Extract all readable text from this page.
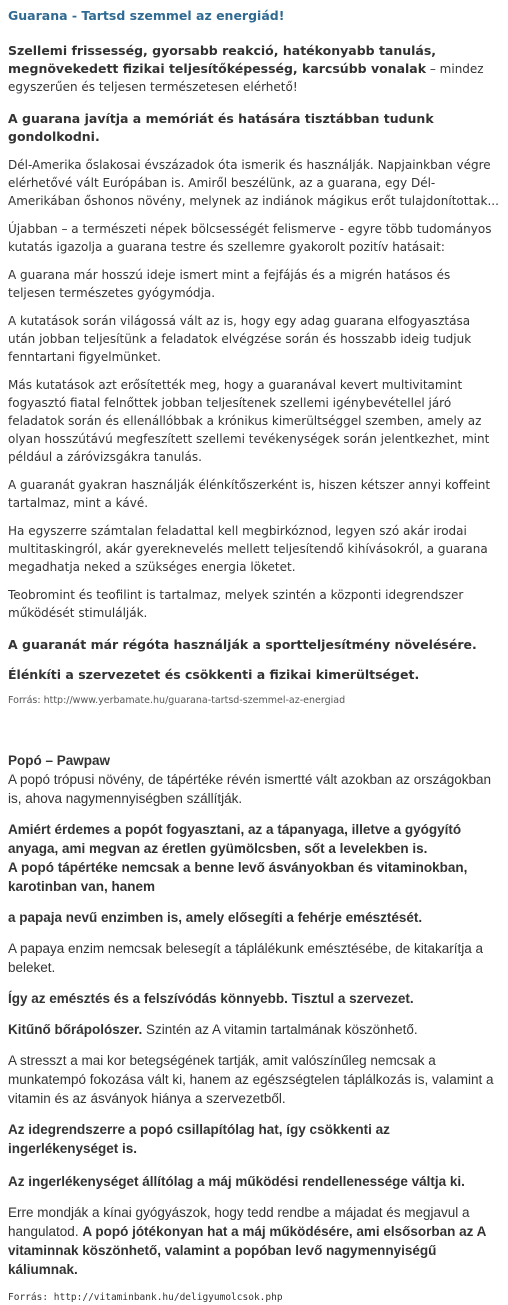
Guarana - Tartsd szemmel az energiád!

Szellemi frissesség, gyorsabb reakció, hatékonyabb tanulás, megnövekedett fizikai teljesítőképesség, karcsúbb vonalak – mindez egyszerűen és teljesen természetesen elérhető!

A guarana javítja a memóriát és hatására tisztábban tudunk gondolkodni.

Dél-Amerika őslakosai évszázadok óta ismerik és használják. Napjainkban végre elérhetővé vált Európában is. Amiről beszélünk, az a guarana, egy Dél-Amerikában őshonos növény, melynek az indiánok mágikus erőt tulajdonítottak...

Újabban – a természeti népek bölcsességét felismerve - egyre több tudományos kutatás igazolja a guarana testre és szellemre gyakorolt pozitív hatásait:

A guarana már hosszú ideje ismert mint a fejfájás és a migrén hatásos és teljesen természetes gyógymódja.

A kutatások során világossá vált az is, hogy egy adag guarana elfogyasztása után jobban teljesítünk a feladatok elvégzése során és hosszabb ideig tudjuk fenntartani figyelmünket.

Más kutatások azt erősítették meg, hogy a guaranával kevert multivitamint fogyasztó fiatal felnőttek jobban teljesítenek szellemi igénybevétellel járó feladatok során és ellenállóbbak a krónikus kimerültséggel szemben, amely az olyan hosszútávú megfeszített szellemi tevékenységek során jelentkezhet, mint például a záróvizsgákra tanulás.

A guaranát gyakran használják élénkítőszerként is, hiszen kétszer annyi koffeint tartalmaz, mint a kávé.

Ha egyszerre számtalan feladattal kell megbirkóznod, legyen szó akár irodai multitaskingról, akár gyereknevelés mellett teljesítendő kihívásokról, a guarana megadhatja neked a szükséges energia löketet.

Teobromint és teofilint is tartalmaz, melyek szintén a központi idegrendszer működését stimulálják.

A guaranát már régóta használják a sportteljesítmény növelésére.

Élénkíti a szervezetet és csökkenti a fizikai kimerültséget.

Forrás: http://www.yerbamate.hu/guarana-tartsd-szemmel-az-energiad

Popó – Pawpaw
A popó trópusi növény, de tápértéke révén ismertté vált azokban az országokban is, ahova nagymennyiségben szállítják.
Amiért érdemes a popót fogyasztani, az a tápanyaga, illetve a gyógyító anyaga, ami megvan az éretlen gyümölcsben, sőt a levelekben is.
A popó tápértéke nemcsak a benne levő ásványokban és vitaminokban, karotinban van, hanem
a papaja nevű enzimben is, amely elősegíti a fehérje emésztését.
A papaya enzim nemcsak belesegít a táplálékunk emésztésébe, de kitakarítja a beleket.
Így az emésztés és a felszívódás könnyebb. Tisztul a szervezet.
Kitűnő bőrápolószer. Szintén az A vitamin tartalmának köszönhető.
A stresszt a mai kor betegségének tartják, amit valószínűleg nemcsak a munkatempó fokozása vált ki, hanem az egészségtelen táplálkozás is, valamint a vitamin és az ásványok hiánya a szervezetből.
Az idegrendszerre a popó csillapítólag hat, így csökkenti az ingerlékenységet is.
Az ingerlékenységet állítólag a máj működési rendellenessége váltja ki.
Erre mondják a kínai gyógyászok, hogy tedd rendbe a májadat és megjavul a hangulatod. A popó jótékonyan hat a máj működésére, ami elsősorban az A vitaminnak köszönhető, valamint a popóban levő nagymennyiségű káliumnak.
Forrás: http://vitaminbank.hu/deligyumolcsok.php
